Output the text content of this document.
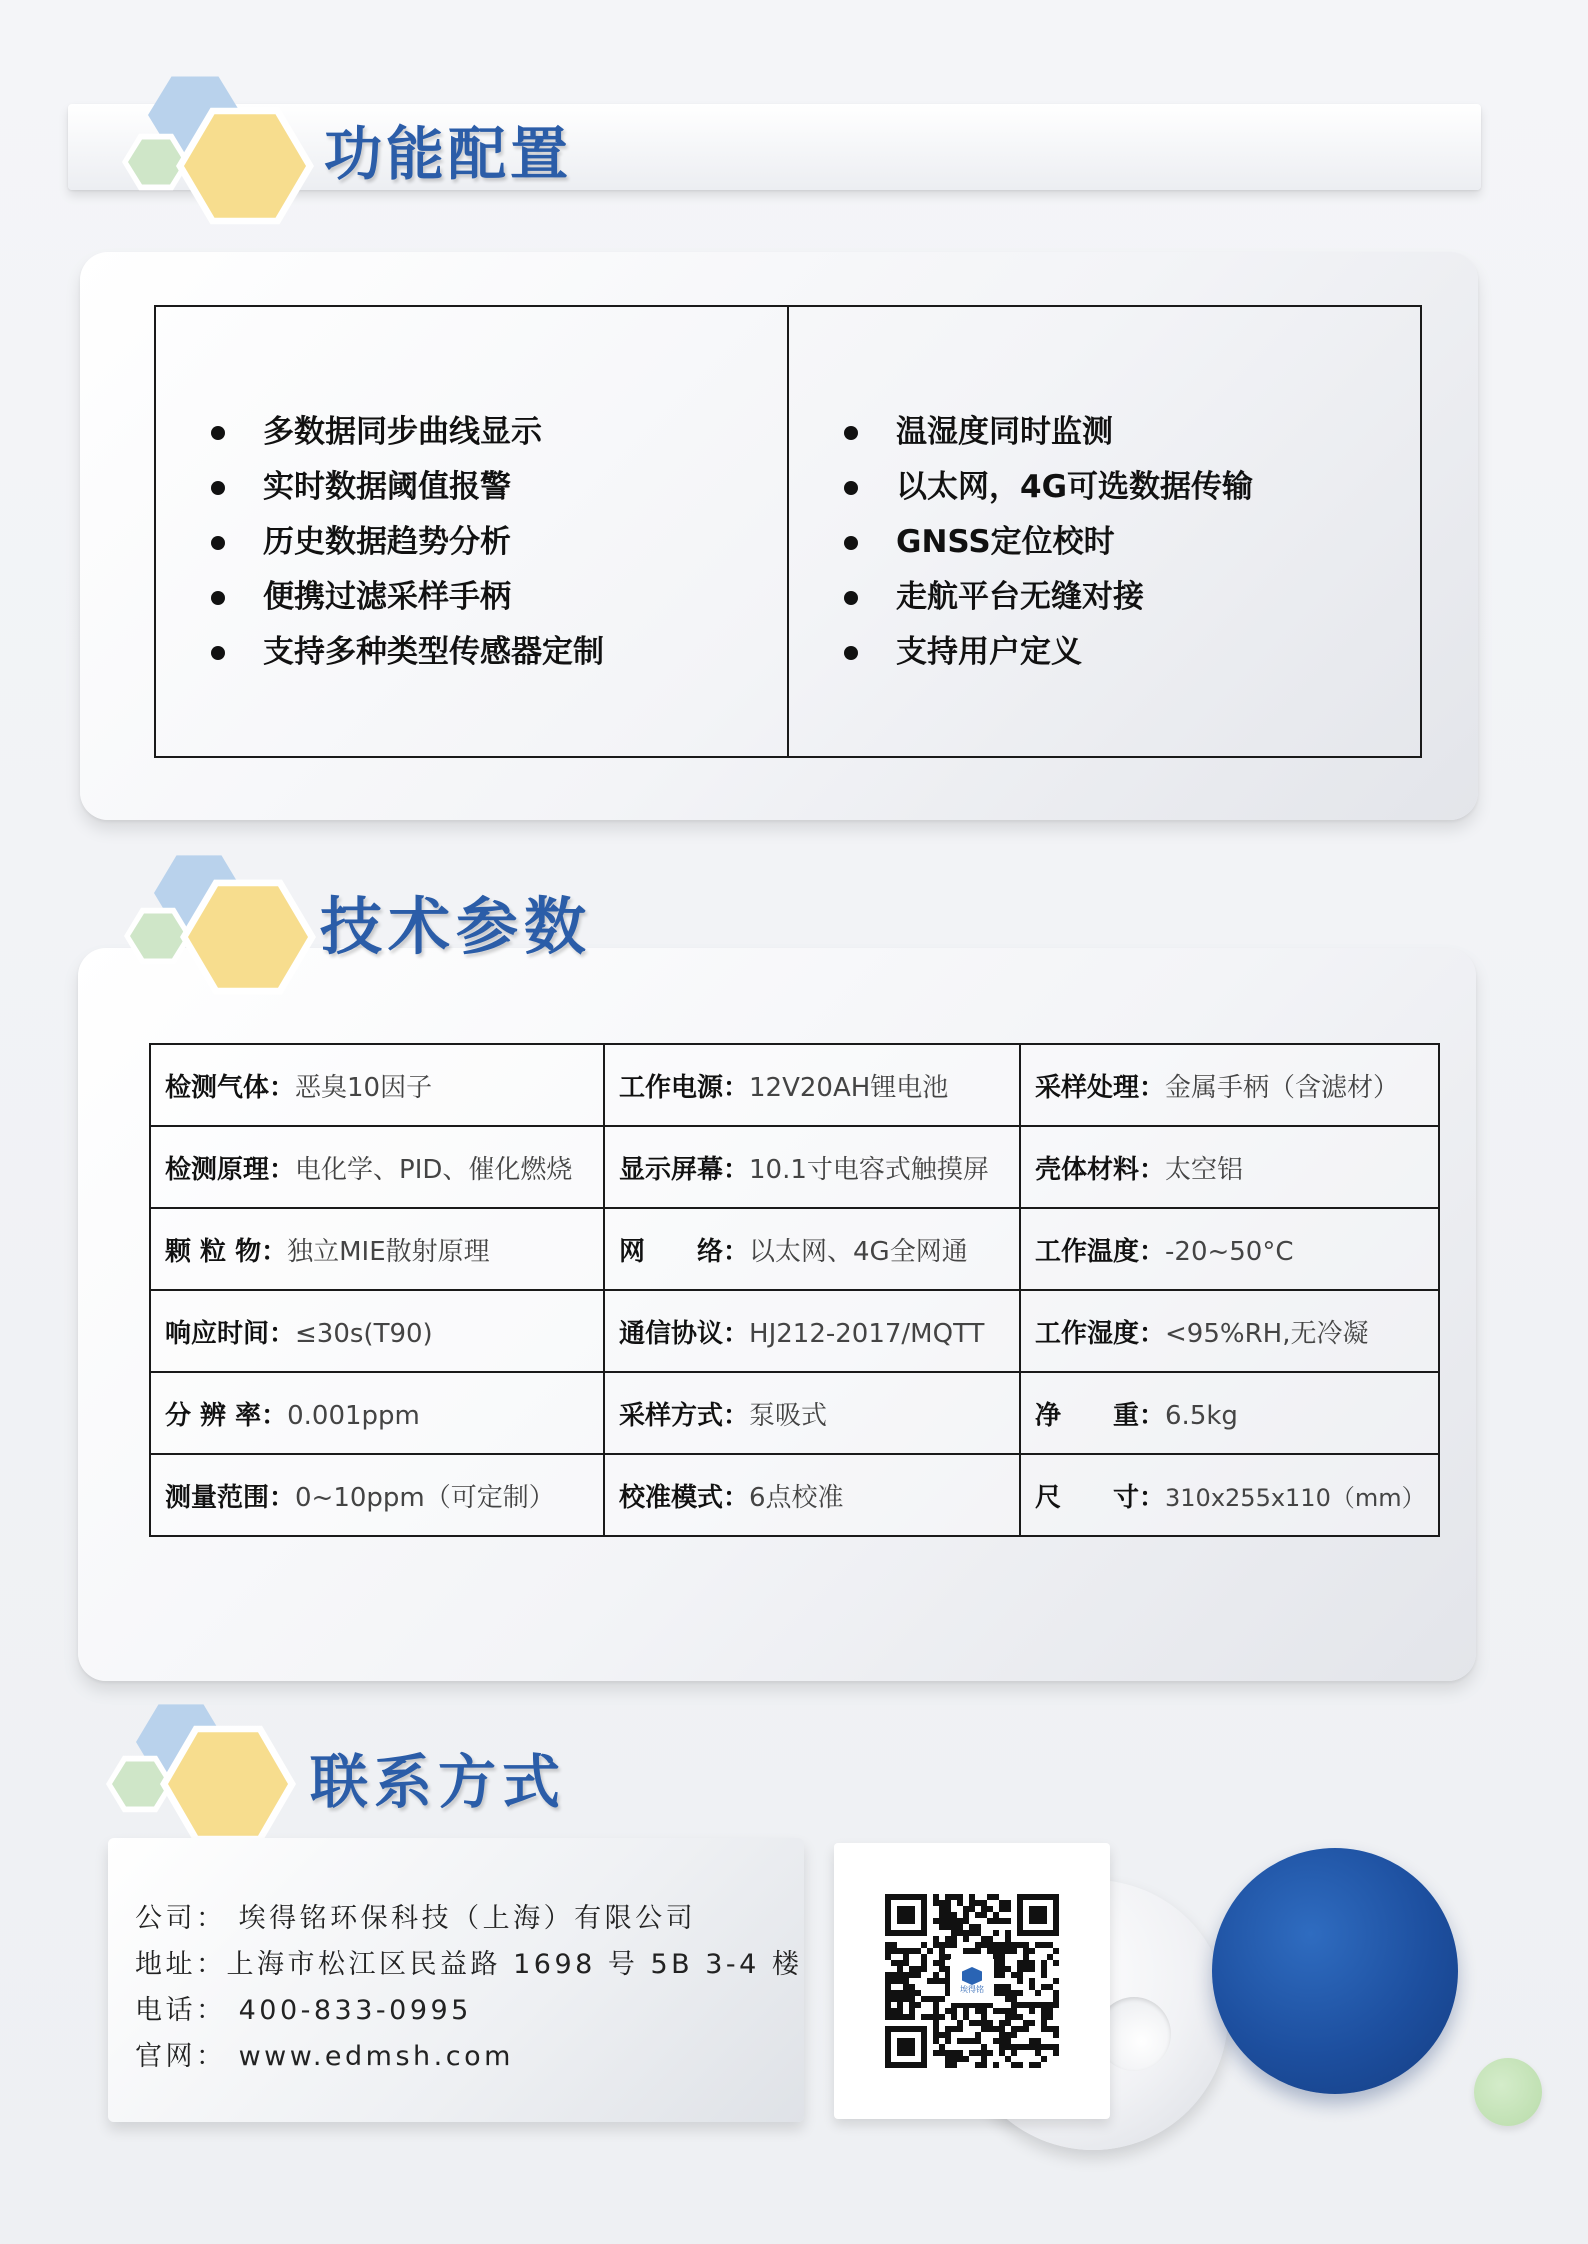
功能配置
多数据同步曲线显示
实时数据阈值报警
历史数据趋势分析
便携过滤采样手柄
支持多种类型传感器定制
温湿度同时监测
以太网，4G可选数据传输
GNSS定位校时
走航平台无缝对接
支持用户定义
技术参数
检测气体：恶臭10因子	工作电源：12V20AH锂电池	采样处理：金属手柄（含滤材）
检测原理：电化学、PID、催化燃烧	显示屏幕：10.1寸电容式触摸屏	壳体材料：太空铝
颗 粒 物：独立MIE散射原理	网　　络：以太网、4G全网通	工作温度：-20~50°C
响应时间：≤30s(T90)	通信协议：HJ212-2017/MQTT	工作湿度：<95%RH,无冷凝
分 辨 率：0.001ppm	采样方式：泵吸式	净　　重：6.5kg
测量范围：0~10ppm（可定制）	校准模式：6点校准	尺　　寸：310x255x110（mm）
联系方式
公司： 埃得铭环保科技（上海）有限公司
地址：上海市松江区民益路 1698 号 5B 3-4 楼
电话： 400-833-0995
官网： www.edmsh.com
埃得铭
